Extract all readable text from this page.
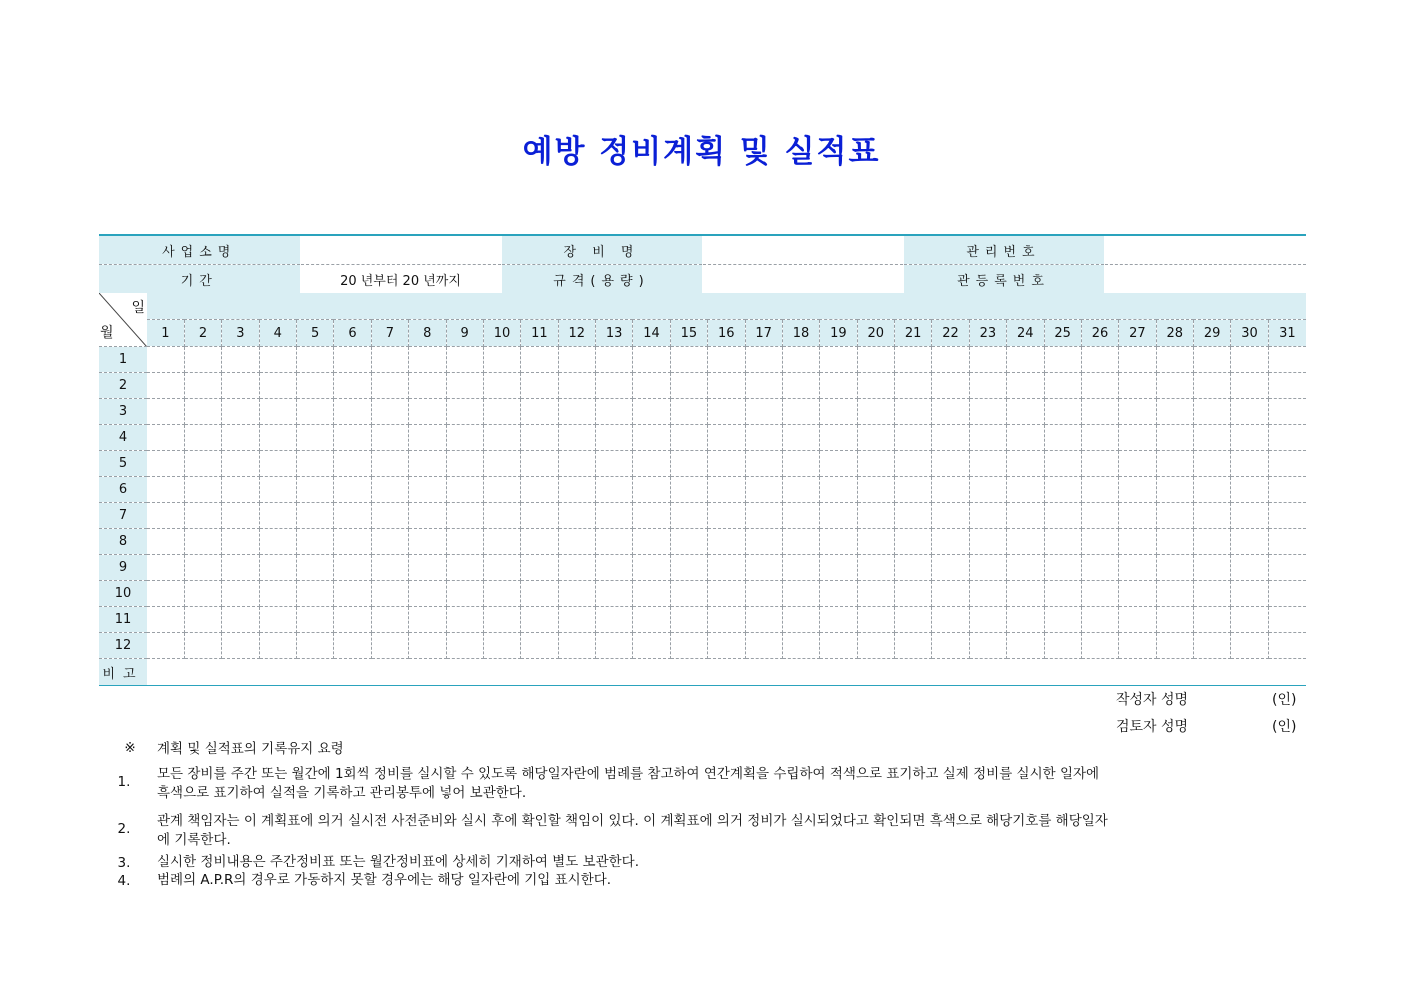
예방 정비계획 및 실적표
사업소명		장 비 명		관리번호	
기간	20 년부터 20 년까지	규격(용량)		관등록번호	
일
월																															

	1	2	3	4	5	6	7	8	9	10	11	12	13	14	15	16	17	18	19	20	21	22	23	24	25	26	27	28	29	30	31
1																															
2																															
3																															
4																															
5																															
6																															
7																															
8																															
9																															
10																															
11																															
12																															
비고																															
작성자 성명	(인)
검토자 성명	(인)
※	계획 및 실적표의 기록유지 요령
1.	모든 장비를 주간 또는 월간에 1회씩 정비를 실시할 수 있도록 해당일자란에 범례를 참고하여 연간계획을 수립하여 적색으로 표기하고 실제 정비를 실시한 일자에
흑색으로 표기하여 실적을 기록하고 관리봉투에 넣어 보관한다.
2.	관계 책임자는 이 계획표에 의거 실시전 사전준비와 실시 후에 확인할 책임이 있다. 이 계획표에 의거 정비가 실시되었다고 확인되면 흑색으로 해당기호를 해당일자
에 기록한다.
3.	실시한 정비내용은 주간정비표 또는 월간정비표에 상세히 기재하여 별도 보관한다.
4.	범례의 A.P.R의 경우로 가동하지 못할 경우에는 해당 일자란에 기입 표시한다.
